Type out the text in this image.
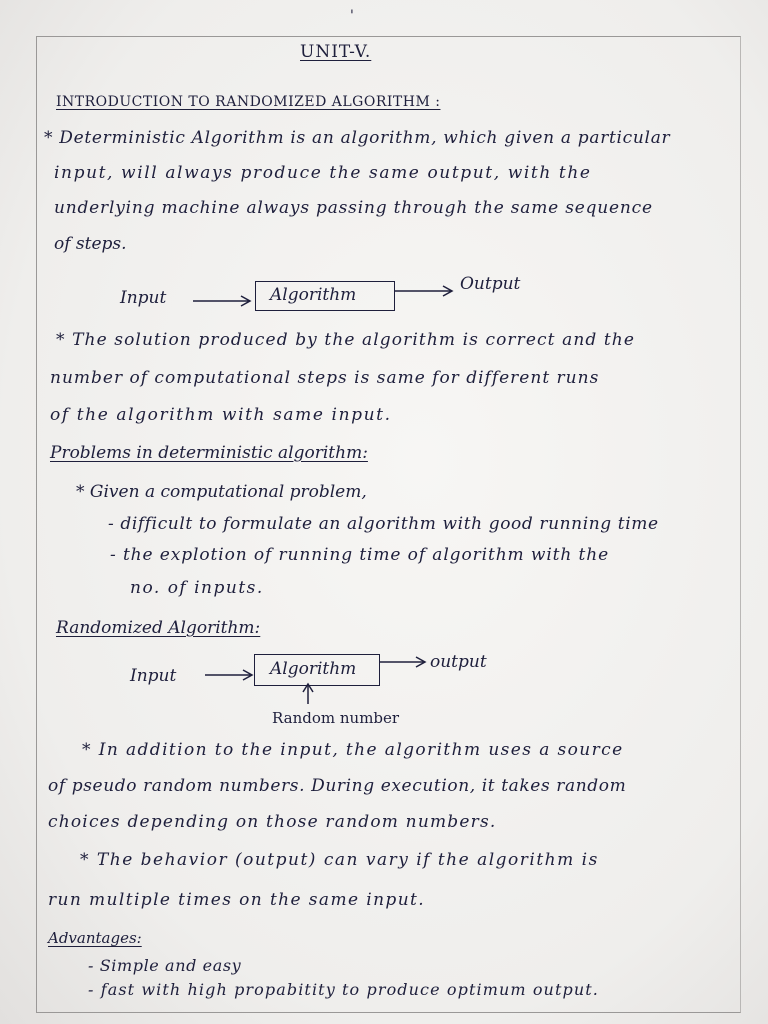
'
UNIT-V.
INTRODUCTION TO RANDOMIZED ALGORITHM :
* Deterministic Algorithm is an algorithm, which given a particular
input, will always produce the same output, with the
underlying machine always passing through the same sequence
of steps.
Input	Algorithm
Output
* The solution produced by the algorithm is correct and the
number of computational steps is same for different runs
of the algorithm with same input.
Problems in deterministic algorithm:
* Given a computational problem,
- difficult to formulate an algorithm with good running time
- the explotion of running time of algorithm with the
no. of inputs.
Randomized Algorithm:
Input	Algorithm	output
Random number
* In addition to the input, the algorithm uses a source
of pseudo random numbers. During execution, it takes random
choices depending on those random numbers.
* The behavior (output) can vary if the algorithm is
run multiple times on the same input.
Advantages:
- Simple and easy
- fast with high propabitity to produce optimum output.
